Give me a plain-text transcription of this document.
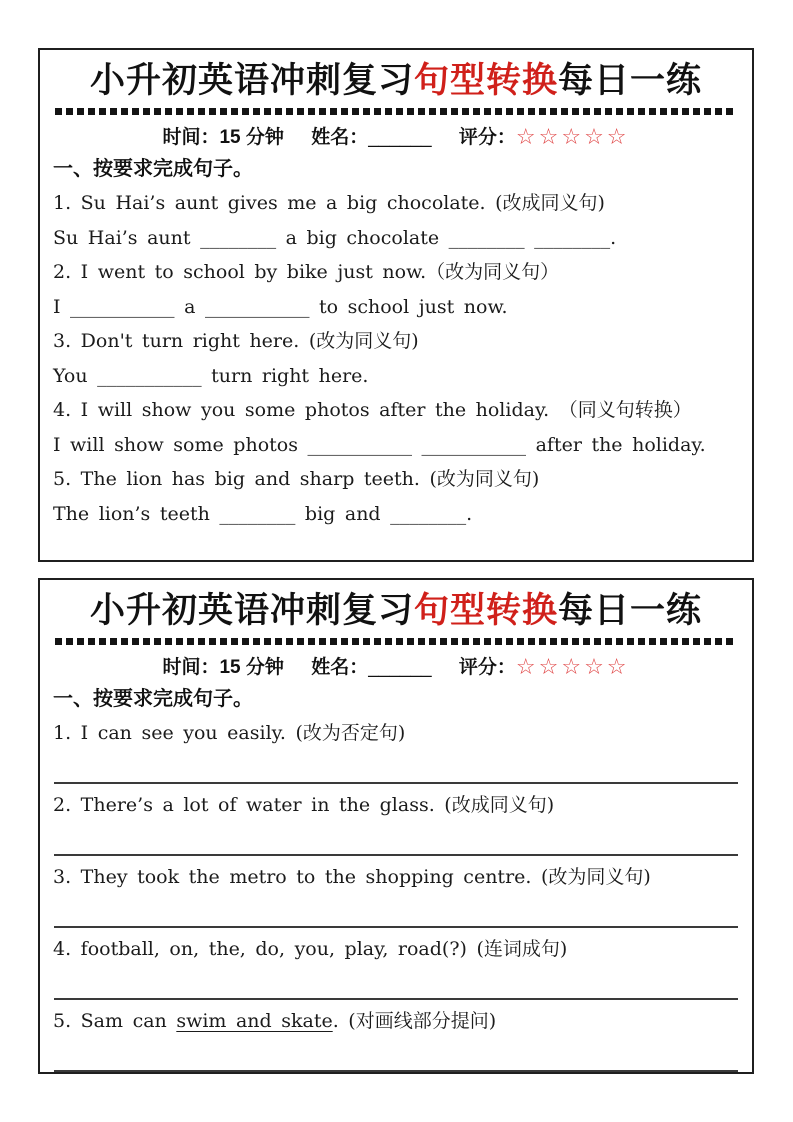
小升初英语冲刺复习句型转换每日一练
时间：15 分钟 姓名：______ 评分：☆☆☆☆☆
一、按要求完成句子。
1. Su Hai’s aunt gives me a big chocolate. (改成同义句)
Su Hai’s aunt ________ a big chocolate ________ ________.
2. I went to school by bike just now.（改为同义句）
I ___________ a ___________ to school just now.
3. Don't turn right here. (改为同义句)
You ___________ turn right here.
4. I will show you some photos after the holiday. （同义句转换）
I will show some photos ___________ ___________ after the holiday.
5. The lion has big and sharp teeth. (改为同义句)
The lion’s teeth ________ big and ________.
小升初英语冲刺复习句型转换每日一练
时间：15 分钟 姓名：______ 评分：☆☆☆☆☆
一、按要求完成句子。
1. I can see you easily. (改为否定句)
2. There’s a lot of water in the glass. (改成同义句)
3. They took the metro to the shopping centre. (改为同义句)
4. football, on, the, do, you, play, road(?) (连词成句)
5. Sam can swim and skate. (对画线部分提问)
